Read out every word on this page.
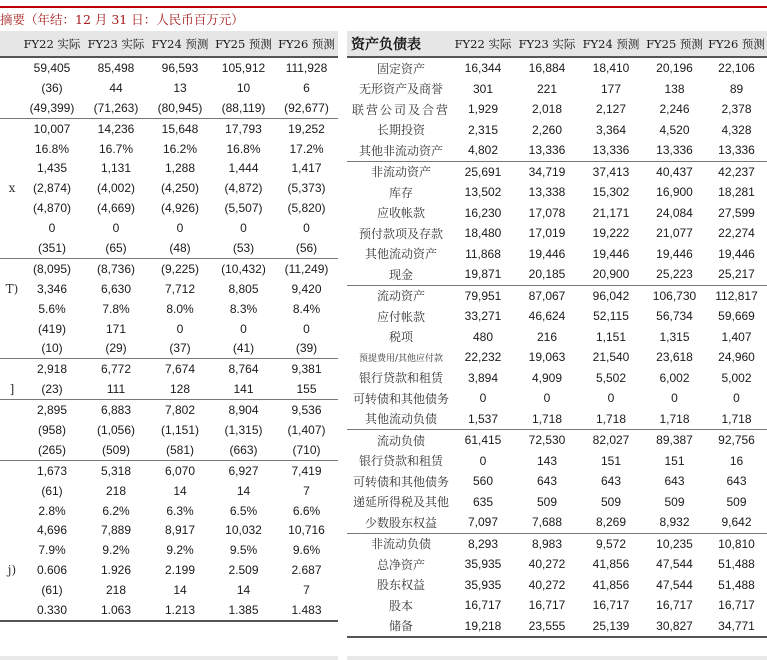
摘要（年结：12 月 31 日：人民币百万元）
	FY22 实际	FY23 实际	FY24 预测	FY25 预测	FY26 预测
	59,405	85,498	96,593	105,912	111,928
	(36)	44	13	10	6
	(49,399)	(71,263)	(80,945)	(88,119)	(92,677)
	10,007	14,236	15,648	17,793	19,252
	16.8%	16.7%	16.2%	16.8%	17.2%
	1,435	1,131	1,288	1,444	1,417
x	(2,874)	(4,002)	(4,250)	(4,872)	(5,373)
	(4,870)	(4,669)	(4,926)	(5,507)	(5,820)
	0	0	0	0	0
	(351)	(65)	(48)	(53)	(56)
	(8,095)	(8,736)	(9,225)	(10,432)	(11,249)
T)	3,346	6,630	7,712	8,805	9,420
	5.6%	7.8%	8.0%	8.3%	8.4%
	(419)	171	0	0	0
	(10)	(29)	(37)	(41)	(39)
	2,918	6,772	7,674	8,764	9,381
]	(23)	111	128	141	155
	2,895	6,883	7,802	8,904	9,536
	(958)	(1,056)	(1,151)	(1,315)	(1,407)
	(265)	(509)	(581)	(663)	(710)
	1,673	5,318	6,070	6,927	7,419
	(61)	218	14	14	7
	2.8%	6.2%	6.3%	6.5%	6.6%
	4,696	7,889	8,917	10,032	10,716
	7.9%	9.2%	9.2%	9.5%	9.6%
j)	0.606	1.926	2.199	2.509	2.687
	(61)	218	14	14	7
	0.330	1.063	1.213	1.385	1.483
资产负债表	FY22 实际	FY23 实际	FY24 预测	FY25 预测	FY26 预测
固定资产	16,344	16,884	18,410	20,196	22,106
无形资产及商誉	301	221	177	138	89
联营公司及合营	1,929	2,018	2,127	2,246	2,378
长期投资	2,315	2,260	3,364	4,520	4,328
其他非流动资产	4,802	13,336	13,336	13,336	13,336
非流动资产	25,691	34,719	37,413	40,437	42,237
库存	13,502	13,338	15,302	16,900	18,281
应收帐款	16,230	17,078	21,171	24,084	27,599
预付款项及存款	18,480	17,019	19,222	21,077	22,274
其他流动资产	11,868	19,446	19,446	19,446	19,446
现金	19,871	20,185	20,900	25,223	25,217
流动资产	79,951	87,067	96,042	106,730	112,817
应付帐款	33,271	46,624	52,115	56,734	59,669
税项	480	216	1,151	1,315	1,407
预提费用/其他应付款	22,232	19,063	21,540	23,618	24,960
银行贷款和租赁	3,894	4,909	5,502	6,002	5,002
可转债和其他债务	0	0	0	0	0
其他流动负债	1,537	1,718	1,718	1,718	1,718
流动负债	61,415	72,530	82,027	89,387	92,756
银行贷款和租赁	0	143	151	151	16
可转债和其他债务	560	643	643	643	643
递延所得税及其他	635	509	509	509	509
少数股东权益	7,097	7,688	8,269	8,932	9,642
非流动负债	8,293	8,983	9,572	10,235	10,810
总净资产	35,935	40,272	41,856	47,544	51,488
股东权益	35,935	40,272	41,856	47,544	51,488
股本	16,717	16,717	16,717	16,717	16,717
储备	19,218	23,555	25,139	30,827	34,771
